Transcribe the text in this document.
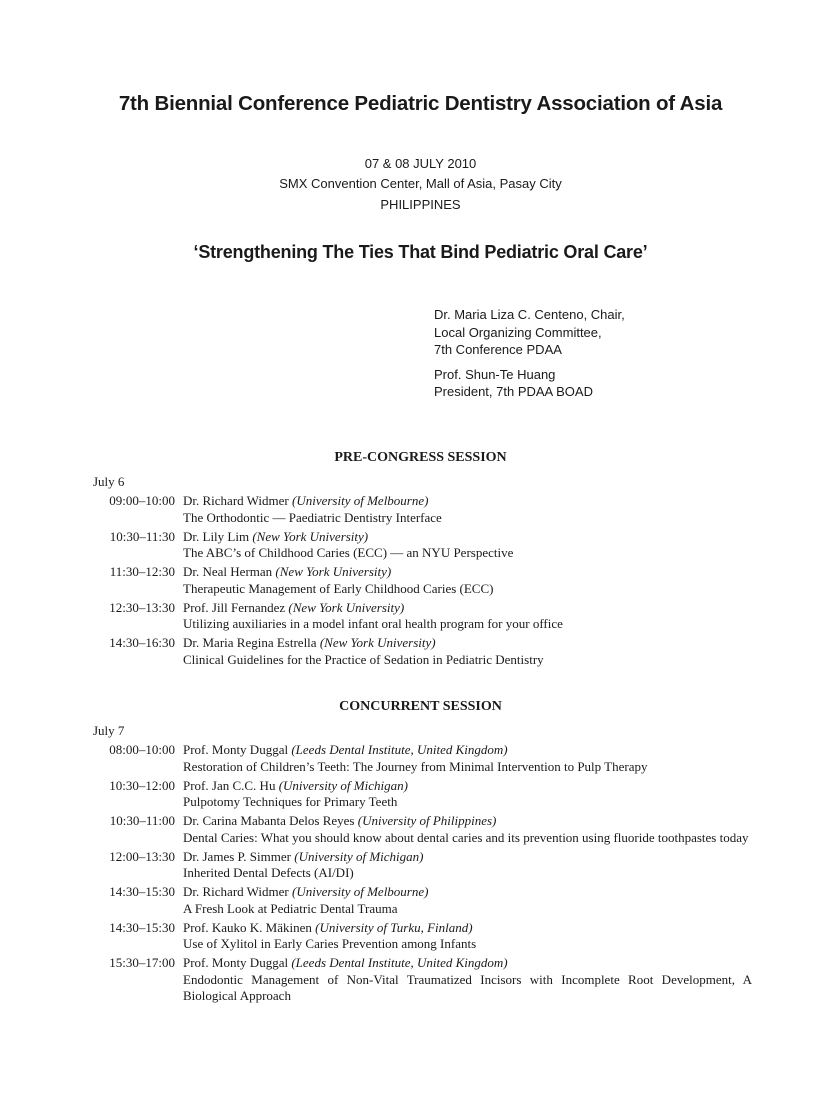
7th Biennial Conference Pediatric Dentistry Association of Asia

07 & 08 JULY 2010

SMX Convention Center, Mall of Asia, Pasay City

PHILIPPINES

‘Strengthening The Ties That Bind Pediatric Oral Care’
Dr. Maria Liza C. Centeno, Chair,
Local Organizing Committee,
7th Conference PDAA
Prof. Shun-Te Huang
President, 7th PDAA BOAD
PRE-CONGRESS SESSION

July 6

09:00–10:00 Dr. Richard Widmer (University of Melbourne)
The Orthodontic — Paediatric Dentistry Interface
10:30–11:30 Dr. Lily Lim (New York University)
The ABC’s of Childhood Caries (ECC) — an NYU Perspective
11:30–12:30 Dr. Neal Herman (New York University)
Therapeutic Management of Early Childhood Caries (ECC)
12:30–13:30 Prof. Jill Fernandez (New York University)
Utilizing auxiliaries in a model infant oral health program for your office
14:30–16:30 Dr. Maria Regina Estrella (New York University)
Clinical Guidelines for the Practice of Sedation in Pediatric Dentistry
CONCURRENT SESSION

July 7

08:00–10:00 Prof. Monty Duggal (Leeds Dental Institute, United Kingdom)
Restoration of Children’s Teeth: The Journey from Minimal Intervention to Pulp Therapy
10:30–12:00 Prof. Jan C.C. Hu (University of Michigan)
Pulpotomy Techniques for Primary Teeth
10:30–11:00 Dr. Carina Mabanta Delos Reyes (University of Philippines)
Dental Caries: What you should know about dental caries and its prevention using fluoride toothpastes today
12:00–13:30 Dr. James P. Simmer (University of Michigan)
Inherited Dental Defects (AI/DI)
14:30–15:30 Dr. Richard Widmer (University of Melbourne)
A Fresh Look at Pediatric Dental Trauma
14:30–15:30 Prof. Kauko K. Mäkinen (University of Turku, Finland)
Use of Xylitol in Early Caries Prevention among Infants
15:30–17:00 Prof. Monty Duggal (Leeds Dental Institute, United Kingdom)
Endodontic Management of Non-Vital Traumatized Incisors with Incomplete Root Development, A Biological Approach
